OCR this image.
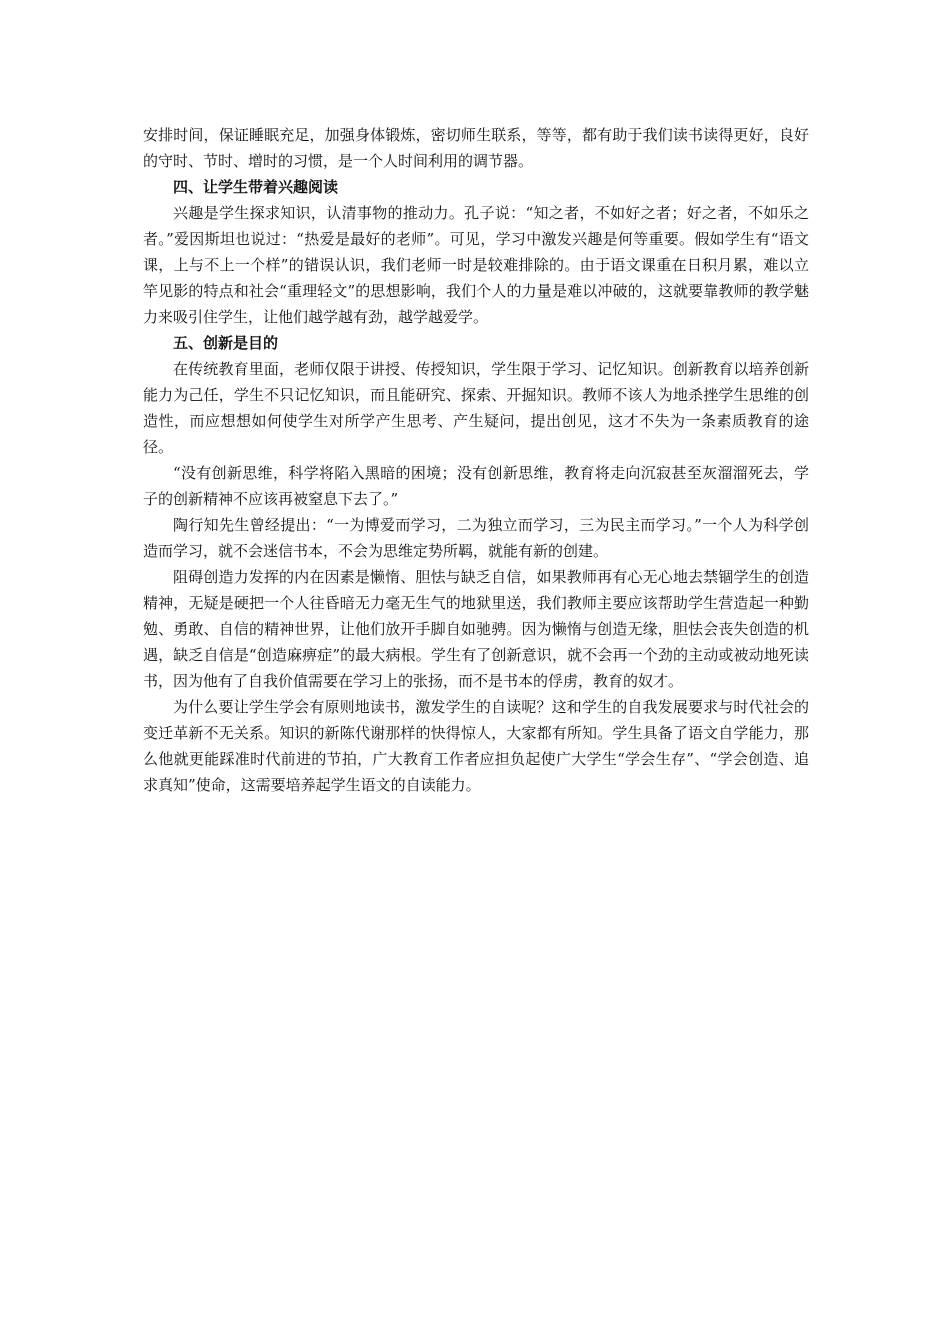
安排时间，保证睡眠充足，加强身体锻炼，密切师生联系，等等，都有助于我们读书读得更好，良好的守时、节时、增时的习惯，是一个人时间利用的调节器。

四、让学生带着兴趣阅读

兴趣是学生探求知识，认清事物的推动力。孔子说：“知之者，不如好之者；好之者，不如乐之者。”爱因斯坦也说过：“热爱是最好的老师”。可见，学习中激发兴趣是何等重要。假如学生有“语文课，上与不上一个样”的错误认识，我们老师一时是较难排除的。由于语文课重在日积月累，难以立竿见影的特点和社会“重理轻文”的思想影响，我们个人的力量是难以冲破的，这就要靠教师的教学魅力来吸引住学生，让他们越学越有劲，越学越爱学。

五、创新是目的

在传统教育里面，老师仅限于讲授、传授知识，学生限于学习、记忆知识。创新教育以培养创新能力为己任，学生不只记忆知识，而且能研究、探索、开掘知识。教师不该人为地杀挫学生思维的创造性，而应想想如何使学生对所学产生思考、产生疑问，提出创见，这才不失为一条素质教育的途径。

“没有创新思维，科学将陷入黑暗的困境；没有创新思维，教育将走向沉寂甚至灰溜溜死去，学子的创新精神不应该再被窒息下去了。”

陶行知先生曾经提出：“一为博爱而学习，二为独立而学习，三为民主而学习。”一个人为科学创造而学习，就不会迷信书本，不会为思维定势所羁，就能有新的创建。

阻碍创造力发挥的内在因素是懒惰、胆怯与缺乏自信，如果教师再有心无心地去禁锢学生的创造精神，无疑是硬把一个人往昏暗无力毫无生气的地狱里送，我们教师主要应该帮助学生营造起一种勤勉、勇敢、自信的精神世界，让他们放开手脚自如驰骋。因为懒惰与创造无缘，胆怯会丧失创造的机遇，缺乏自信是“创造麻痹症”的最大病根。学生有了创新意识，就不会再一个劲的主动或被动地死读书，因为他有了自我价值需要在学习上的张扬，而不是书本的俘虏，教育的奴才。

为什么要让学生学会有原则地读书，激发学生的自读呢？这和学生的自我发展要求与时代社会的变迁革新不无关系。知识的新陈代谢那样的快得惊人，大家都有所知。学生具备了语文自学能力，那么他就更能踩准时代前进的节拍，广大教育工作者应担负起使广大学生“学会生存”、“学会创造、追求真知”使命，这需要培养起学生语文的自读能力。
